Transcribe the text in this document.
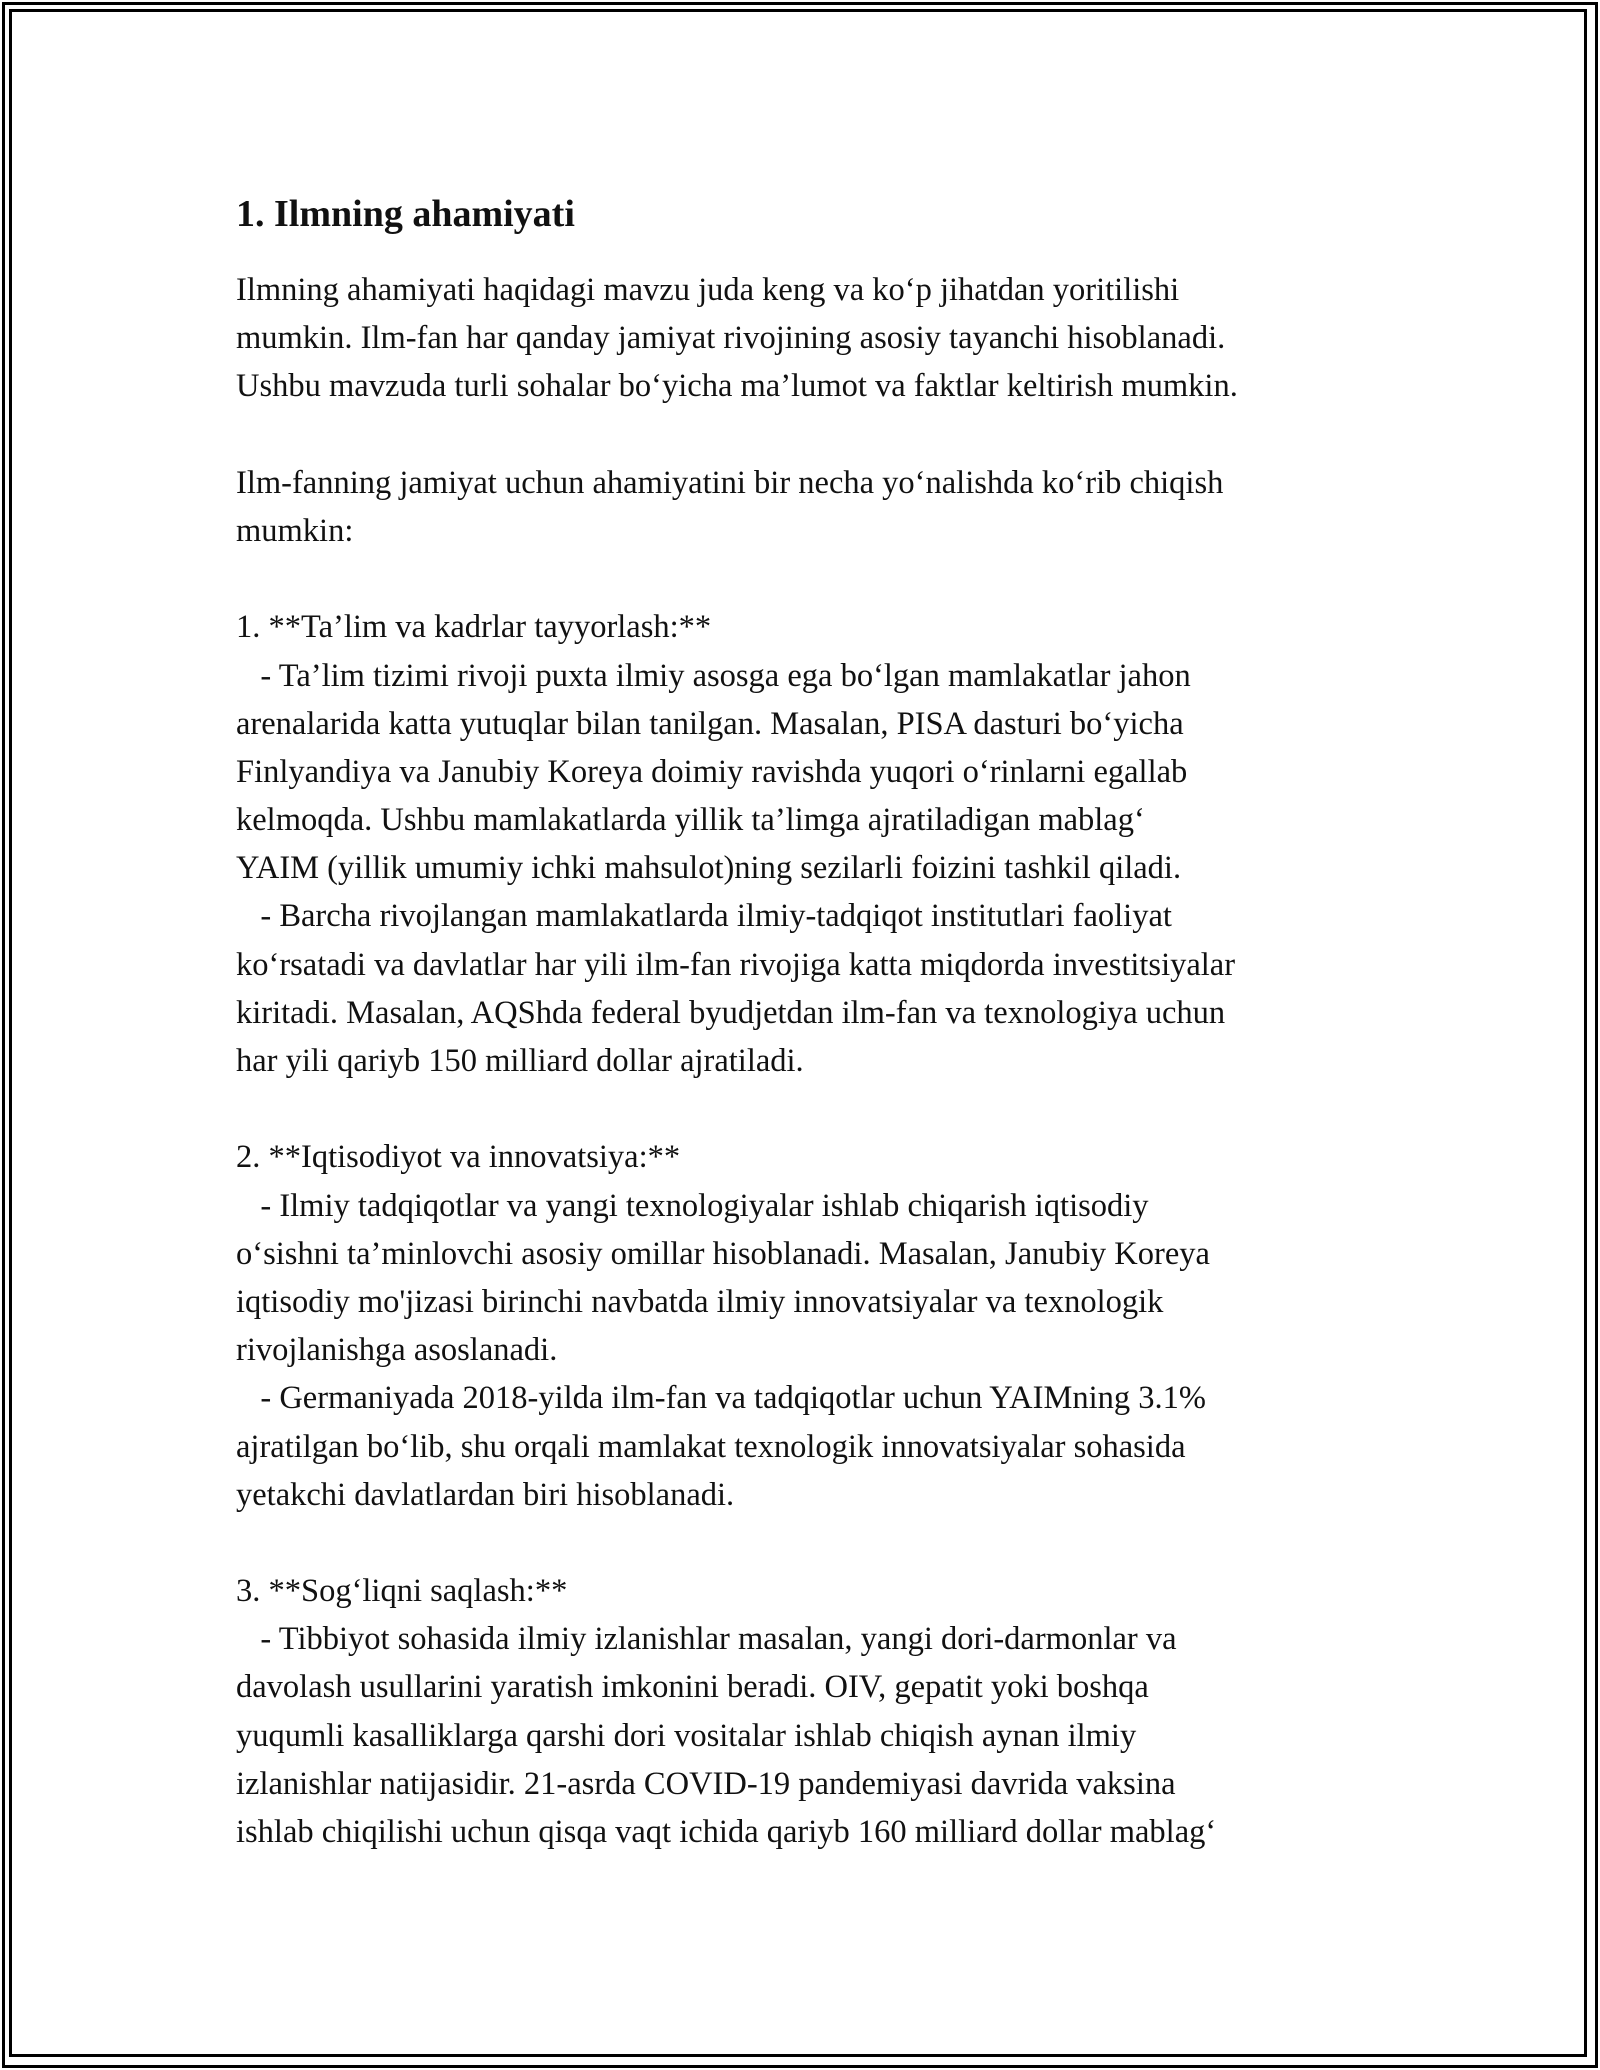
1. Ilmning ahamiyati
Ilmning ahamiyati haqidagi mavzu juda keng va ko‘p jihatdan yoritilishi
mumkin. Ilm-fan har qanday jamiyat rivojining asosiy tayanchi hisoblanadi.
Ushbu mavzuda turli sohalar bo‘yicha ma’lumot va faktlar keltirish mumkin.
Ilm-fanning jamiyat uchun ahamiyatini bir necha yo‘nalishda ko‘rib chiqish
mumkin:
1. **Ta’lim va kadrlar tayyorlash:**
- Ta’lim tizimi rivoji puxta ilmiy asosga ega bo‘lgan mamlakatlar jahon
arenalarida katta yutuqlar bilan tanilgan. Masalan, PISA dasturi bo‘yicha
Finlyandiya va Janubiy Koreya doimiy ravishda yuqori o‘rinlarni egallab
kelmoqda. Ushbu mamlakatlarda yillik ta’limga ajratiladigan mablag‘
YAIM (yillik umumiy ichki mahsulot)ning sezilarli foizini tashkil qiladi.
- Barcha rivojlangan mamlakatlarda ilmiy-tadqiqot institutlari faoliyat
ko‘rsatadi va davlatlar har yili ilm-fan rivojiga katta miqdorda investitsiyalar
kiritadi. Masalan, AQShda federal byudjetdan ilm-fan va texnologiya uchun
har yili qariyb 150 milliard dollar ajratiladi.
2. **Iqtisodiyot va innovatsiya:**
- Ilmiy tadqiqotlar va yangi texnologiyalar ishlab chiqarish iqtisodiy
o‘sishni ta’minlovchi asosiy omillar hisoblanadi. Masalan, Janubiy Koreya
iqtisodiy mo'jizasi birinchi navbatda ilmiy innovatsiyalar va texnologik
rivojlanishga asoslanadi.
- Germaniyada 2018-yilda ilm-fan va tadqiqotlar uchun YAIMning 3.1%
ajratilgan bo‘lib, shu orqali mamlakat texnologik innovatsiyalar sohasida
yetakchi davlatlardan biri hisoblanadi.
3. **Sog‘liqni saqlash:**
- Tibbiyot sohasida ilmiy izlanishlar masalan, yangi dori-darmonlar va
davolash usullarini yaratish imkonini beradi. OIV, gepatit yoki boshqa
yuqumli kasalliklarga qarshi dori vositalar ishlab chiqish aynan ilmiy
izlanishlar natijasidir. 21-asrda COVID-19 pandemiyasi davrida vaksina
ishlab chiqilishi uchun qisqa vaqt ichida qariyb 160 milliard dollar mablag‘
